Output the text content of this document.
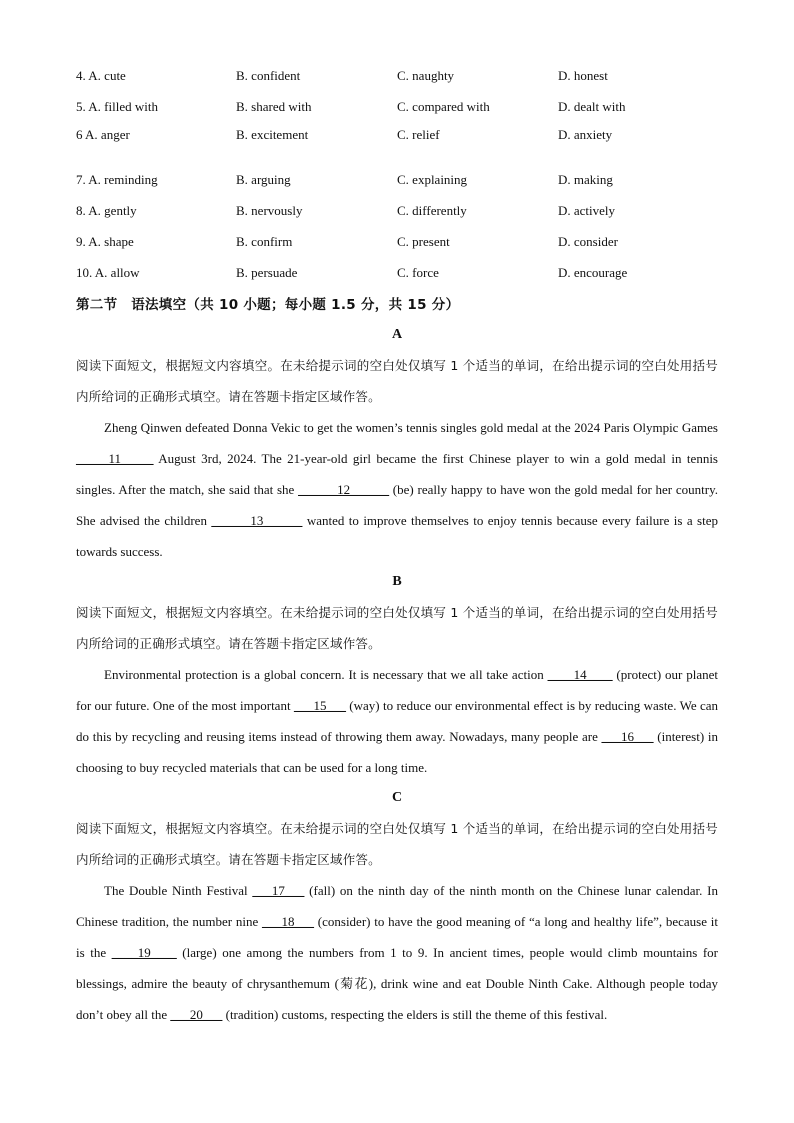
4. A. cute	B. confident	C. naughty	D. honest
5. A. filled with	B. shared with	C. compared with	D. dealt with
6 A. anger	B. excitement	C. relief	D. anxiety
7. A. reminding	B. arguing	C. explaining	D. making
8. A. gently	B. nervously	C. differently	D. actively
9. A. shape	B. confirm	C. present	D. consider
10. A. allow	B. persuade	C. force	D. encourage
第二节　语法填空（共 10 小题；每小题 1.5 分，共 15 分）
A
阅读下面短文，根据短文内容填空。在未给提示词的空白处仅填写 1 个适当的单词，在给出提示词的空白处用括号内所给词的正确形式填空。请在答题卡指定区域作答。
Zheng Qinwen defeated Donna Vekic to get the women’s tennis singles gold medal at the 2024 Paris Olympic Games _____11_____ August 3rd, 2024. The 21-year-old girl became the first Chinese player to win a gold medal in tennis singles. After the match, she said that she ______12______ (be) really happy to have won the gold medal for her country. She advised the children ______13______ wanted to improve themselves to enjoy tennis because every failure is a step towards success.
B
阅读下面短文，根据短文内容填空。在未给提示词的空白处仅填写 1 个适当的单词，在给出提示词的空白处用括号内所给词的正确形式填空。请在答题卡指定区域作答。
Environmental protection is a global concern. It is necessary that we all take action ____14____ (protect) our planet for our future. One of the most important ___15___ (way) to reduce our environmental effect is by reducing waste. We can do this by recycling and reusing items instead of throwing them away. Nowadays, many people are ___16___ (interest) in choosing to buy recycled materials that can be used for a long time.
C
阅读下面短文，根据短文内容填空。在未给提示词的空白处仅填写 1 个适当的单词，在给出提示词的空白处用括号内所给词的正确形式填空。请在答题卡指定区域作答。
The Double Ninth Festival ___17___ (fall) on the ninth day of the ninth month on the Chinese lunar calendar. In Chinese tradition, the number nine ___18___ (consider) to have the good meaning of “a long and healthy life”, because it is the ____19____ (large) one among the numbers from 1 to 9. In ancient times, people would climb mountains for blessings, admire the beauty of chrysanthemum (菊花), drink wine and eat Double Ninth Cake. Although people today don’t obey all the ___20___ (tradition) customs, respecting the elders is still the theme of this festival.
